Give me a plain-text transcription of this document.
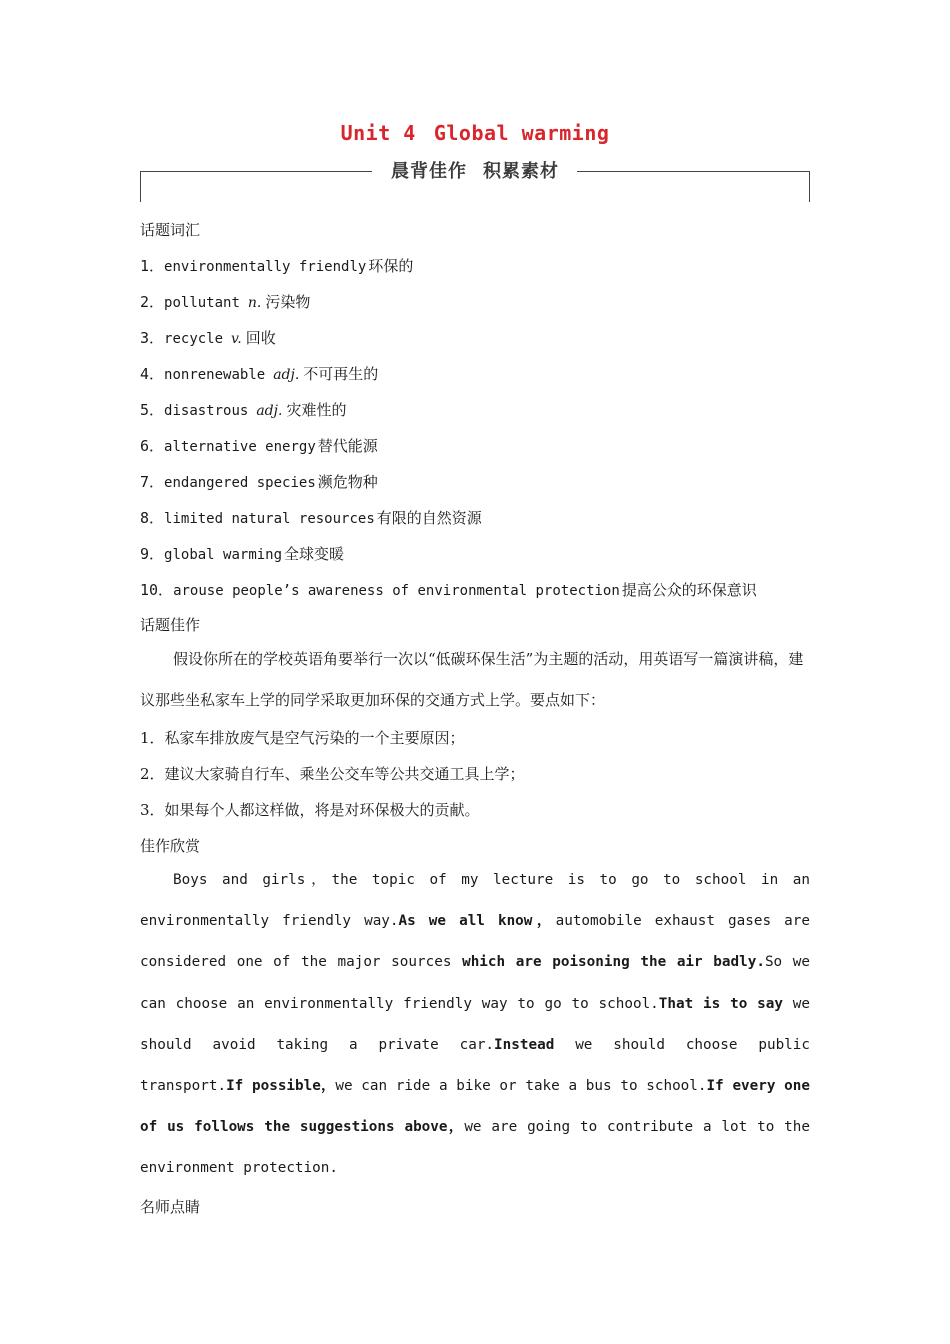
Unit 4 Global warming
晨背佳作 积累素材
话题词汇
1．environmentally friendly 环保的
2．pollutant n. 污染物
3．recycle v. 回收
4．nonrenewable adj. 不可再生的
5．disastrous adj. 灾难性的
6．alternative energy 替代能源
7．endangered species 濒危物种
8．limited natural resources 有限的自然资源
9．global warming 全球变暖
10．arouse people’s awareness of environmental protection 提高公众的环保意识
话题佳作

假设你所在的学校英语角要举行一次以“低碳环保生活”为主题的活动，用英语写一篇演讲稿，建议那些坐私家车上学的同学采取更加环保的交通方式上学。要点如下：

1．私家车排放废气是空气污染的一个主要原因；
2．建议大家骑自行车、乘坐公交车等公共交通工具上学；
3．如果每个人都这样做，将是对环保极大的贡献。
佳作欣赏

Boys and girls，the topic of my lecture is to go to school in an environmentally friendly way.As we all know，automobile exhaust gases are considered one of the major sources which are poisoning the air badly.So we can choose an environmentally friendly way to go to school.That is to say we should avoid taking a private car.Instead we should choose public transport.If possible，we can ride a bike or take a bus to school.If every one of us follows the suggestions above，we are going to contribute a lot to the environment protection.

名师点睛
